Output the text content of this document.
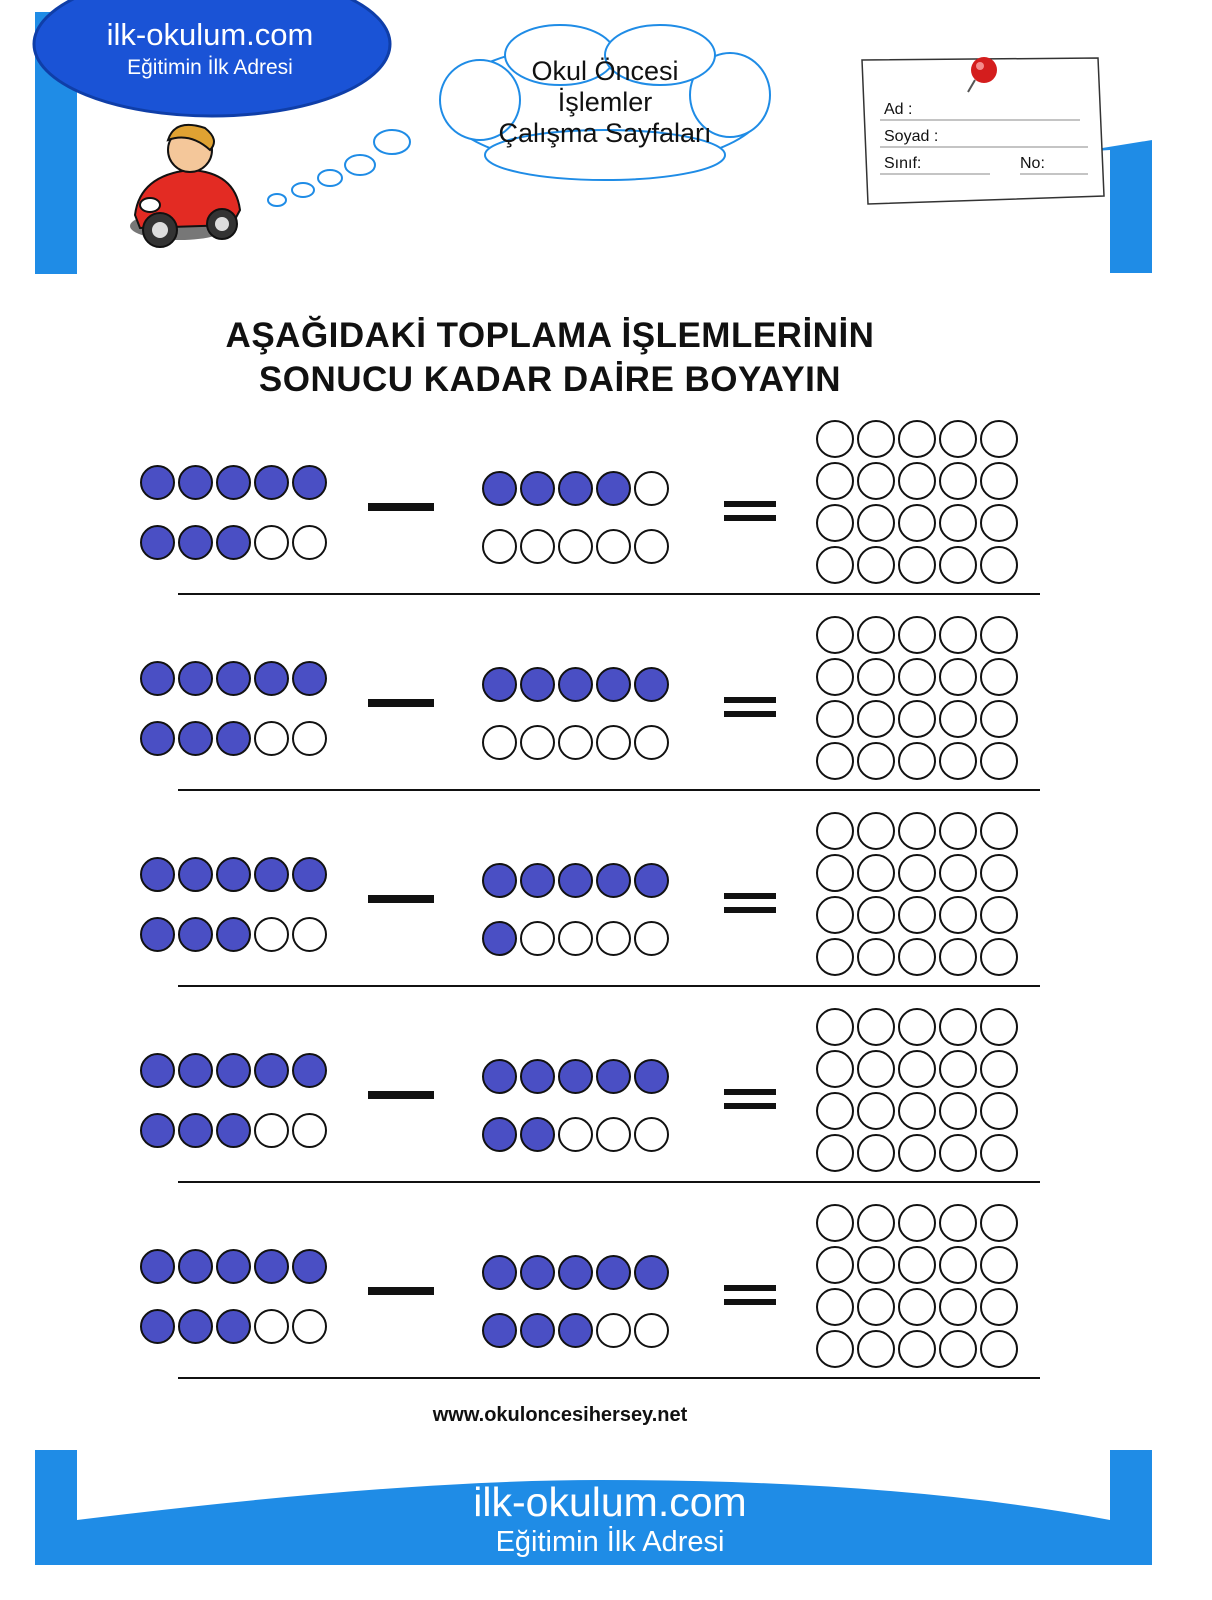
ilk-okulum.com
Eğitimin İlk Adresi	Okul Öncesi
İşlemler
Çalışma Sayfaları
Ad :
Soyad :
Sınıf:	No:
AŞAĞIDAKİ TOPLAMA İŞLEMLERİNİN
SONUCU KADAR DAİRE BOYAYIN
www.okuloncesihersey.net
ilk-okulum.com
Eğitimin İlk Adresi
